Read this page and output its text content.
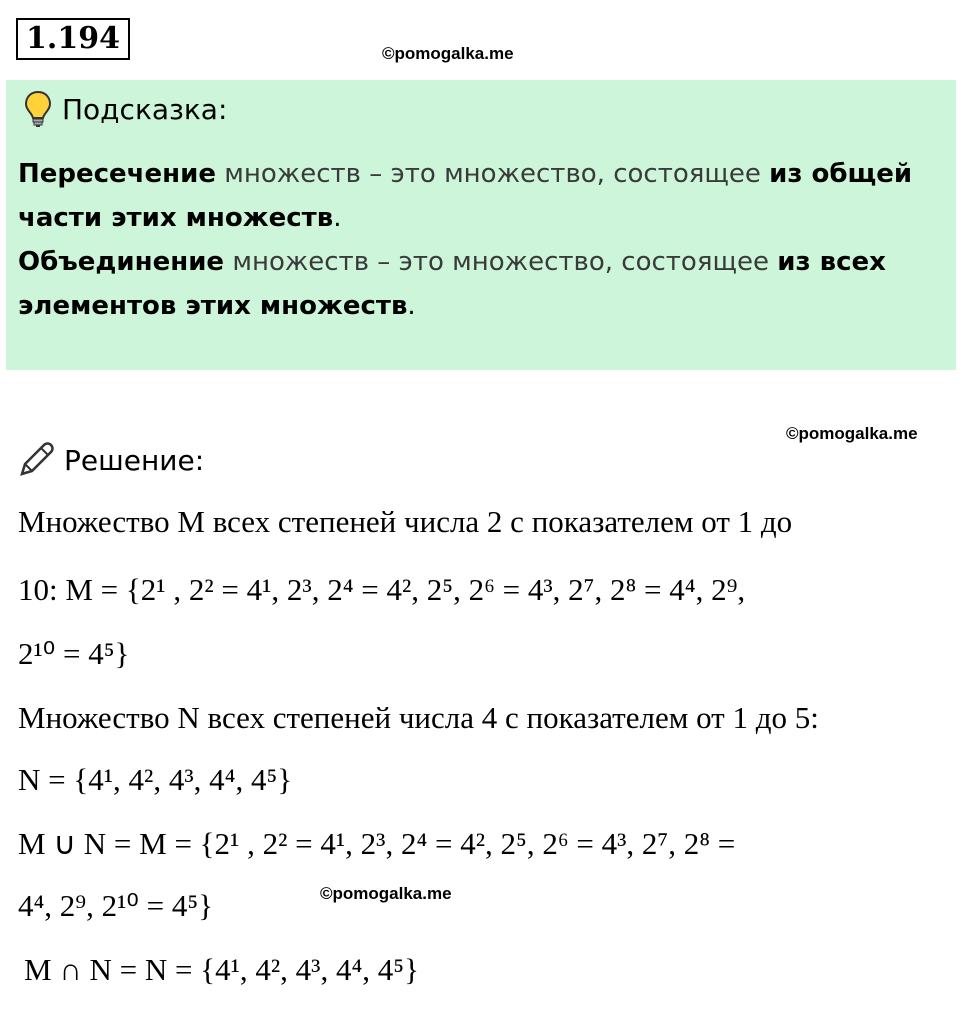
1.194	©pomogalka.me
Подсказка:
Пересечение множеств – это множество, состоящее из общей части этих множеств.
Объединение множеств – это множество, состоящее из всех элементов этих множеств.
©pomogalka.me
Решение:
Множество M всех степеней числа 2 с показателем от 1 до
10: M = {2¹ , 2² = 4¹, 2³, 2⁴ = 4², 2⁵, 2⁶ = 4³, 2⁷, 2⁸ = 4⁴, 2⁹,
2¹⁰ = 4⁵}
Множество N всех степеней числа 4 с показателем от 1 до 5:
N = {4¹, 4², 4³, 4⁴, 4⁵}
M ∪ N = M = {2¹ , 2² = 4¹, 2³, 2⁴ = 4², 2⁵, 2⁶ = 4³, 2⁷, 2⁸ =
©pomogalka.me
4⁴, 2⁹, 2¹⁰ = 4⁵}
M ∩ N = N = {4¹, 4², 4³, 4⁴, 4⁵}
